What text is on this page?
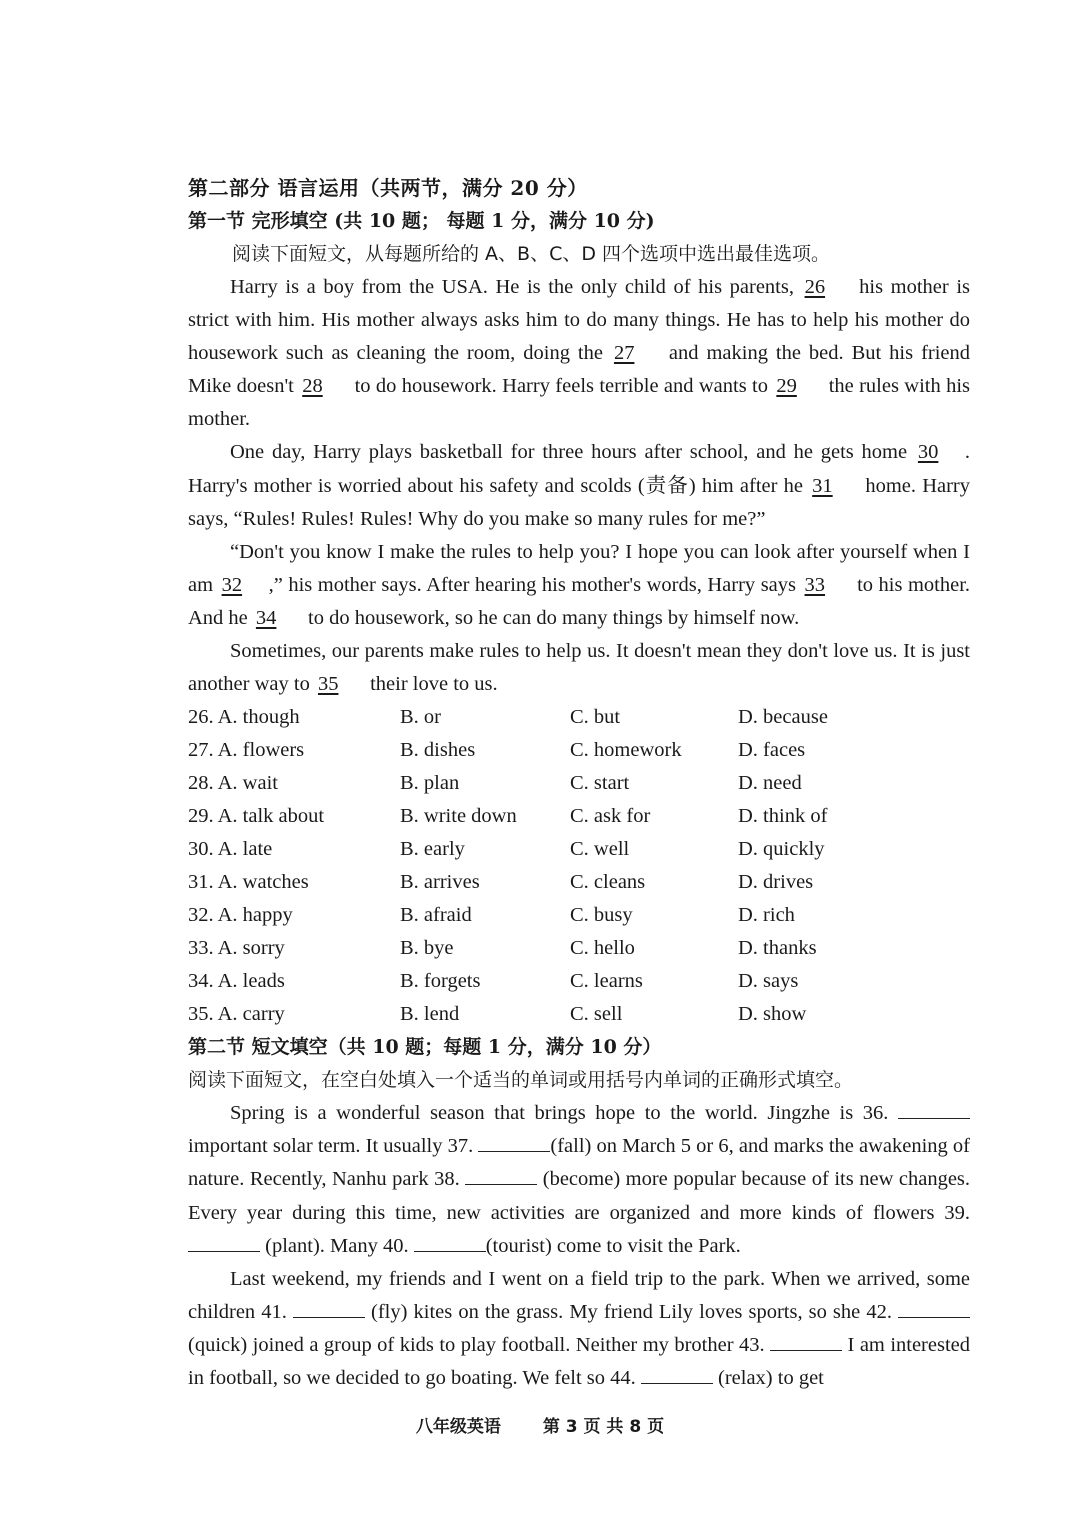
第二部分 语言运用（共两节，满分 20 分）
第一节 完形填空 (共 10 题； 每题 1 分，满分 10 分)
阅读下面短文，从每题所给的 A、B、C、D 四个选项中选出最佳选项。

Harry is a boy from the USA. He is the only child of his parents, 26 his mother is strict with him. His mother always asks him to do many things. He has to help his mother do housework such as cleaning the room, doing the 27 and making the bed. But his friend Mike doesn't 28 to do housework. Harry feels terrible and wants to 29 the rules with his mother.

One day, Harry plays basketball for three hours after school, and he gets home 30 . Harry's mother is worried about his safety and scolds (责备) him after he 31 home. Harry says, “Rules! Rules! Rules! Why do you make so many rules for me?”

“Don't you know I make the rules to help you? I hope you can look after yourself when I am 32 ,” his mother says. After hearing his mother's words, Harry says 33 to his mother. And he 34 to do housework, so he can do many things by himself now.

Sometimes, our parents make rules to help us. It doesn't mean they don't love us. It is just another way to 35 their love to us.

26. A. though	B. or	C. but	D. because
27. A. flowers	B. dishes	C. homework	D. faces
28. A. wait	B. plan	C. start	D. need
29. A. talk about	B. write down	C. ask for	D. think of
30. A. late	B. early	C. well	D. quickly
31. A. watches	B. arrives	C. cleans	D. drives
32. A. happy	B. afraid	C. busy	D. rich
33. A. sorry	B. bye	C. hello	D. thanks
34. A. leads	B. forgets	C. learns	D. says
35. A. carry	B. lend	C. sell	D. show
第二节 短文填空（共 10 题；每题 1 分，满分 10 分）
阅读下面短文，在空白处填入一个适当的单词或用括号内单词的正确形式填空。

Spring is a wonderful season that brings hope to the world. Jingzhe is 36.  important solar term. It usually 37.	(fall) on March 5 or 6, and marks the awakening of nature. Recently, Nanhu park 38.	(become) more popular because of its new changes. Every year during this time, new activities are organized and more kinds of flowers 39.  (plant). Many 40.	(tourist) come to visit the Park.

Last weekend, my friends and I went on a field trip to the park. When we arrived, some children 41.	(fly) kites on the grass. My friend Lily loves sports, so she 42.  (quick) joined a group of kids to play football. Neither my brother 43.	I am interested in football, so we decided to go boating. We felt so 44.	(relax) to get

八年级英语 第 3 页 共 8 页
